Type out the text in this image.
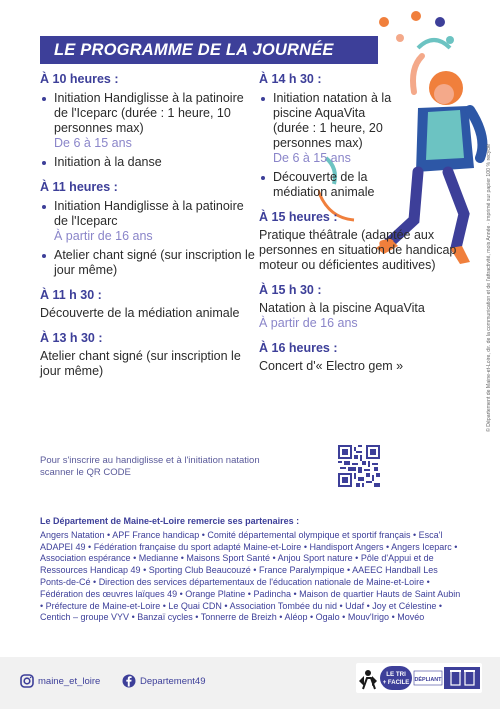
LE PROGRAMME DE LA JOURNÉE
© Département de Maine-et-Loire, dir. de la communication et de l'attractivité, mois Année · imprimé sur papier 100 % recyclé
À 10 heures :
Initiation Handiglisse à la patinoire de l'Iceparc (durée : 1 heure, 10 personnes max)
De 6 à 15 ans
Initiation à la danse
À 11 heures :
Initiation Handiglisse à la patinoire de l'Iceparc
À partir de 16 ans
Atelier chant signé (sur inscription le jour même)
À 11 h 30 :
Découverte de la médiation animale
À 13 h 30 :
Atelier chant signé (sur inscription le jour même)
À 14 h 30 :
Initiation natation à la piscine AquaVita (durée : 1 heure, 20 personnes max)
De 6 à 15 ans
Découverte de la médiation animale
À 15 heures :
Pratique théâtrale (adaptée aux personnes en situation de handicap moteur ou déficientes auditives)
À 15 h 30 :
Natation à la piscine AquaVita
À partir de 16 ans
À 16 heures :
Concert d'« Electro gem »
Pour s'inscrire au handiglisse et à l'initiation natation
scanner le QR CODE
Le Département de Maine-et-Loire remercie ses partenaires :
Angers Natation • APF France handicap • Comité départemental olympique et sportif français • Esca'l ADAPEI 49 • Fédération française du sport adapté Maine-et-Loire • Handisport Angers • Angers Iceparc • Association espérance • Medianne • Maisons Sport Santé • Anjou Sport nature • Pôle d'Appui et de Ressources Handicap 49 • Sporting Club Beaucouzé • France Paralympique • AAEEC Handball Les Ponts-de-Cé • Direction des services départementaux de l'éducation nationale de Maine-et-Loire • Fédération des œuvres laïques 49 • Orange Platine • Padincha • Maison de quartier Hauts de Saint Aubin • Préfecture de Maine-et-Loire • Le Quai CDN • Association Tombée du nid • Udaf • Joy et Célestine • Centich – groupe VYV • Banzaï cycles • Tonnerre de Breizh • Aléop • Ogalo • Mouv'Irigo • Movéo
maine_et_loire	Departement49
LE TRI
+ FACILE DÉPLIANT
